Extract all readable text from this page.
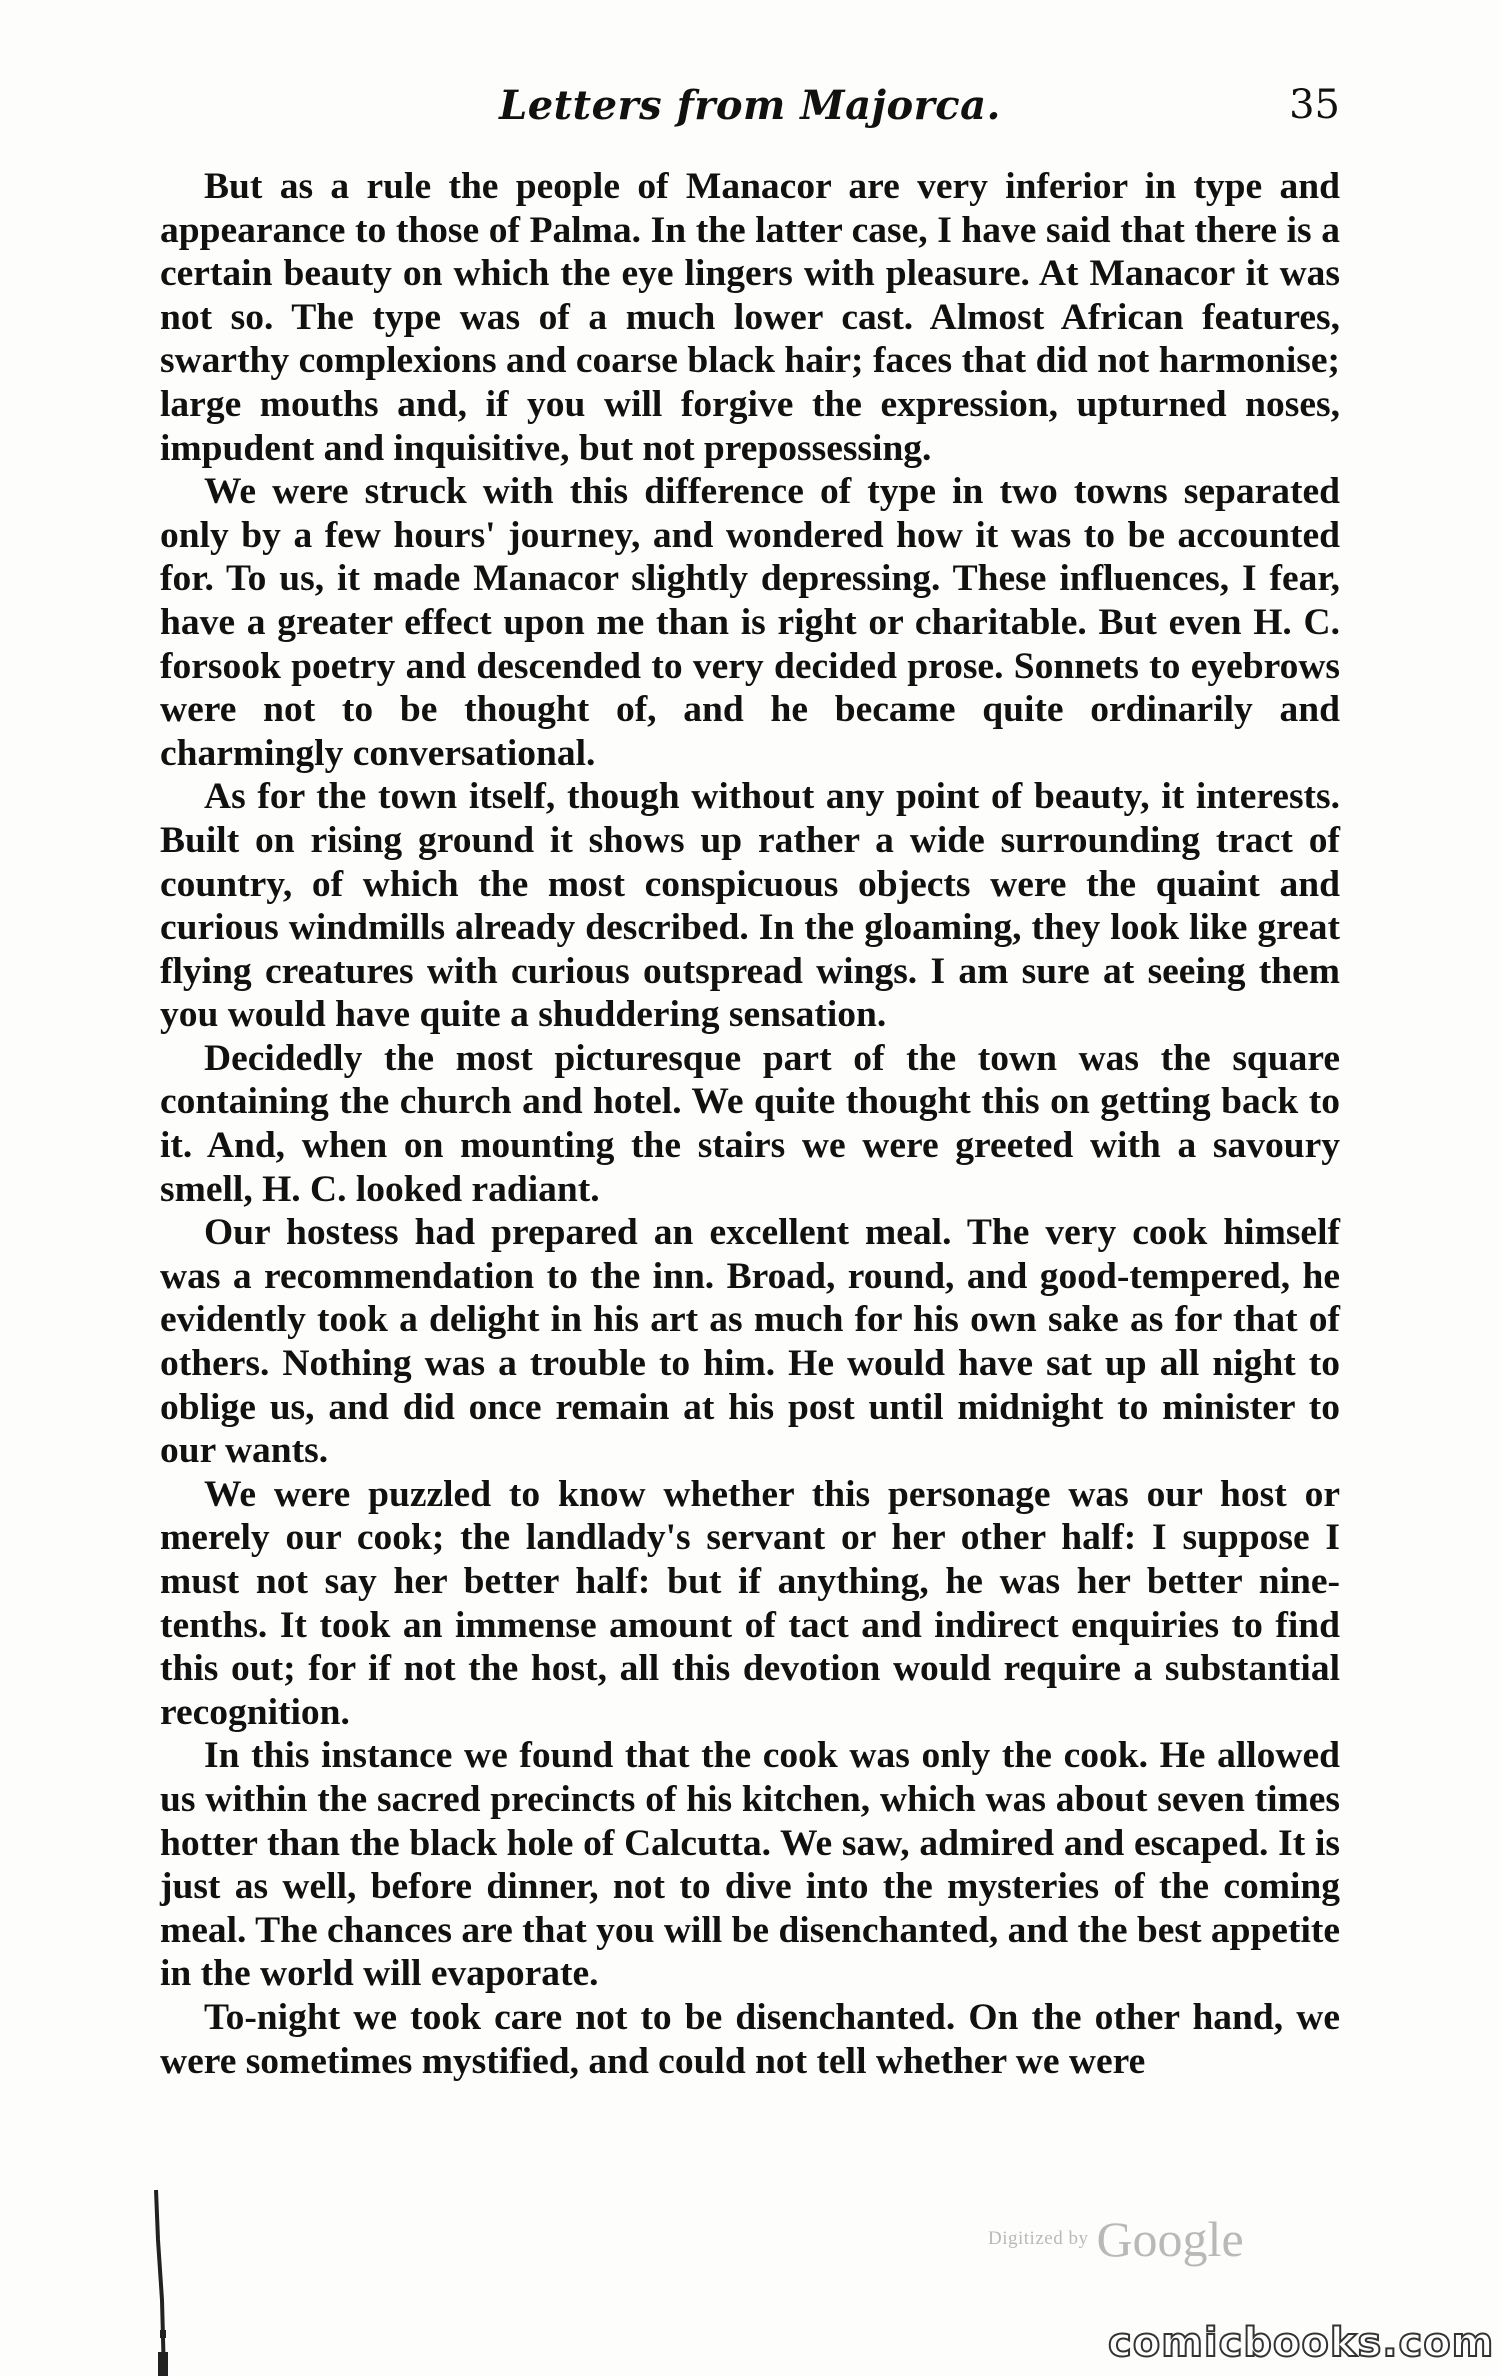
Letters from Majorca.	35

But as a rule the people of Manacor are very inferior in type and appearance to those of Palma. In the latter case, I have said that there is a certain beauty on which the eye lingers with pleasure. At Manacor it was not so. The type was of a much lower cast. Almost African features, swarthy complexions and coarse black hair; faces that did not harmonise; large mouths and, if you will forgive the expression, upturned noses, impudent and inquisitive, but not prepossessing.

We were struck with this difference of type in two towns separated only by a few hours' journey, and wondered how it was to be accounted for. To us, it made Manacor slightly depressing. These influences, I fear, have a greater effect upon me than is right or charitable. But even H. C. forsook poetry and descended to very decided prose. Sonnets to eyebrows were not to be thought of, and he became quite ordinarily and charmingly conversational.

As for the town itself, though without any point of beauty, it interests. Built on rising ground it shows up rather a wide surrounding tract of country, of which the most conspicuous objects were the quaint and curious windmills already described. In the gloaming, they look like great flying creatures with curious outspread wings. I am sure at seeing them you would have quite a shuddering sensation.

Decidedly the most picturesque part of the town was the square containing the church and hotel. We quite thought this on getting back to it. And, when on mounting the stairs we were greeted with a savoury smell, H. C. looked radiant.

Our hostess had prepared an excellent meal. The very cook himself was a recommendation to the inn. Broad, round, and good-tempered, he evidently took a delight in his art as much for his own sake as for that of others. Nothing was a trouble to him. He would have sat up all night to oblige us, and did once remain at his post until midnight to minister to our wants.

We were puzzled to know whether this personage was our host or merely our cook; the landlady's servant or her other half: I suppose I must not say her better half: but if anything, he was her better nine-tenths. It took an immense amount of tact and indirect enquiries to find this out; for if not the host, all this devotion would require a substantial recognition.

In this instance we found that the cook was only the cook. He allowed us within the sacred precincts of his kitchen, which was about seven times hotter than the black hole of Calcutta. We saw, admired and escaped. It is just as well, before dinner, not to dive into the mysteries of the coming meal. The chances are that you will be disenchanted, and the best appetite in the world will evaporate.

To-night we took care not to be disenchanted. On the other hand, we were sometimes mystified, and could not tell whether we were

Digitized by Google
comicbooks.com
